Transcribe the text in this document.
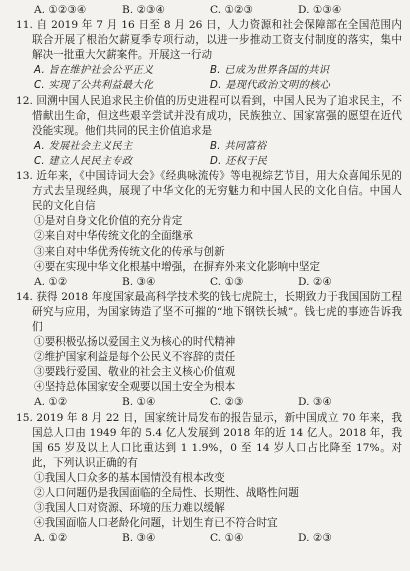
A. ①②③④	B. ②③④	C. ①②③	D. ①③④
11. 自 2019 年 7 月 16 日至 8 月 26 日，人力资源和社会保障部在全国范围内联合开展了根治欠薪夏季专项行动，以进一步推动工资支付制度的落实，集中解决一批重大欠薪案件。开展这一行动
A. 旨在维护社会公平正义	B. 已成为世界各国的共识
C. 实现了公共利益最大化	D. 是现代政治文明的核心
12. 回溯中国人民追求民主价值的历史进程可以看到，中国人民为了追求民主，不惜献出生命，但这些艰辛尝试并没有成功，民族独立、国家富强的愿望在近代没能实现。他们共同的民主价值追求是
A. 发展社会主义民主	B. 共同富裕
C. 建立人民民主专政	D. 还权于民
13. 近年来，《中国诗词大会》《经典咏流传》等电视综艺节目，用大众喜闻乐见的方式去呈现经典，展现了中华文化的无穷魅力和中国人民的文化自信。中国人民的文化自信
①是对自身文化价值的充分肯定
②来自对中华传统文化的全面继承
③来自对中华优秀传统文化的传承与创新
④要在实现中华文化根基中增强，在摒弃外来文化影响中坚定
A. ①②	B. ③④	C. ①③	D. ②④
14. 获得 2018 年度国家最高科学技术奖的钱七虎院士，长期致力于我国国防工程研究与应用，为国家铸造了坚不可摧的“地下钢铁长城”。钱七虎的事迹告诉我们
①要积极弘扬以爱国主义为核心的时代精神
②维护国家利益是每个公民义不容辞的责任
③要践行爱国、敬业的社会主义核心价值观
④坚持总体国家安全观要以国土安全为根本
A. ①②	B. ①④	C. ②③	D. ③④
15. 2019 年 8 月 22 日，国家统计局发布的报告显示，新中国成立 70 年来，我国总人口由 1949 年的 5.4 亿人发展到 2018 年的近 14 亿人。2018 年，我国 65 岁及以上人口比重达到 1 1.9%，0 至 14 岁人口占比降至 17%。对此，下列认识正确的有
①我国人口众多的基本国情没有根本改变
②人口问题仍是我国面临的全局性、长期性、战略性问题
③我国人口对资源、环境的压力难以缓解
④我国面临人口老龄化问题，计划生育已不符合时宜
A. ①②	B. ③④	C. ①④	D. ②③
